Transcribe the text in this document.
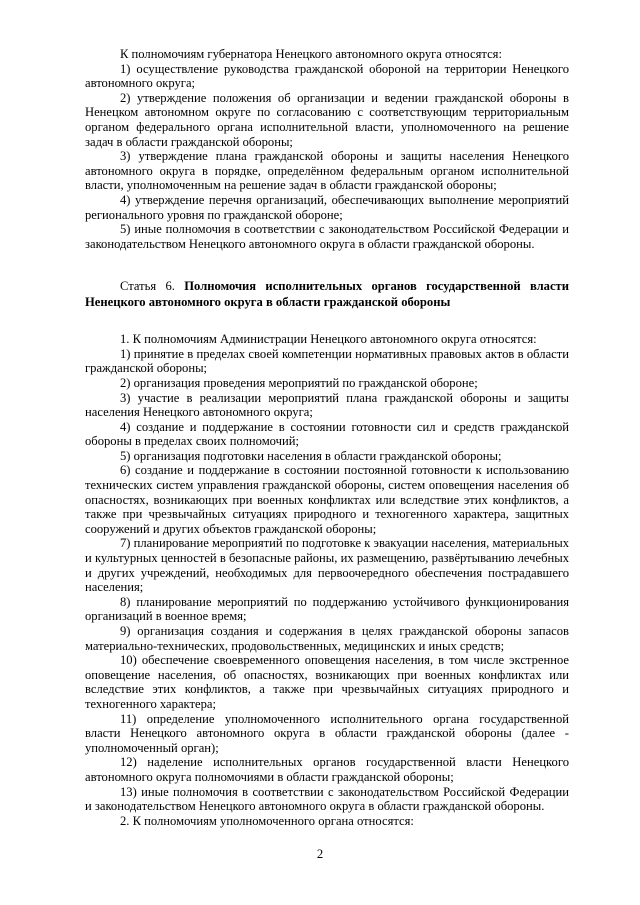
К полномочиям губернатора Ненецкого автономного округа относятся:

1) осуществление руководства гражданской обороной на территории Ненецкого автономного округа;

2) утверждение положения об организации и ведении гражданской обороны в Ненецком автономном округе по согласованию с соответствующим территориальным органом федерального органа исполнительной власти, уполномоченного на решение задач в области гражданской обороны;

3) утверждение плана гражданской обороны и защиты населения Ненецкого автономного округа в порядке, определённом федеральным органом исполнительной власти, уполномоченным на решение задач в области гражданской обороны;

4) утверждение перечня организаций, обеспечивающих выполнение мероприятий регионального уровня по гражданской обороне;

5) иные полномочия в соответствии с законодательством Российской Федерации и законодательством Ненецкого автономного округа в области гражданской обороны.

Статья 6. Полномочия исполнительных органов государственной власти Ненецкого автономного округа в области гражданской обороны

1. К полномочиям Администрации Ненецкого автономного округа относятся:

1) принятие в пределах своей компетенции нормативных правовых актов в области гражданской обороны;

2) организация проведения мероприятий по гражданской обороне;

3) участие в реализации мероприятий плана гражданской обороны и защиты населения Ненецкого автономного округа;

4) создание и поддержание в состоянии готовности сил и средств гражданской обороны в пределах своих полномочий;

5) организация подготовки населения в области гражданской обороны;

6) создание и поддержание в состоянии постоянной готовности к использованию технических систем управления гражданской обороны, систем оповещения населения об опасностях, возникающих при военных конфликтах или вследствие этих конфликтов, а также при чрезвычайных ситуациях природного и техногенного характера, защитных сооружений и других объектов гражданской обороны;

7) планирование мероприятий по подготовке к эвакуации населения, материальных и культурных ценностей в безопасные районы, их размещению, развёртыванию лечебных и других учреждений, необходимых для первоочередного обеспечения пострадавшего населения;

8) планирование мероприятий по поддержанию устойчивого функционирования организаций в военное время;

9) организация создания и содержания в целях гражданской обороны запасов материально-технических, продовольственных, медицинских и иных средств;

10) обеспечение своевременного оповещения населения, в том числе экстренное оповещение населения, об опасностях, возникающих при военных конфликтах или вследствие этих конфликтов, а также при чрезвычайных ситуациях природного и техногенного характера;

11) определение уполномоченного исполнительного органа государственной власти Ненецкого автономного округа в области гражданской обороны (далее - уполномоченный орган);

12) наделение исполнительных органов государственной власти Ненецкого автономного округа полномочиями в области гражданской обороны;

13) иные полномочия в соответствии с законодательством Российской Федерации и законодательством Ненецкого автономного округа в области гражданской обороны.

2. К полномочиям уполномоченного органа относятся:

2
